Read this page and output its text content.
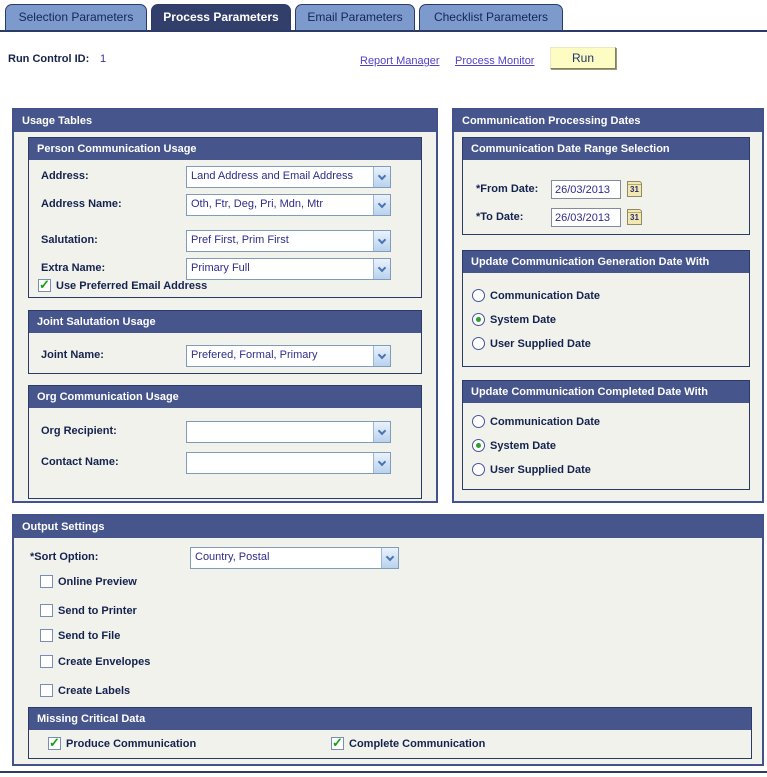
Selection Parameters	Process Parameters	Email Parameters	Checklist Parameters
Run Control ID: 1	Report Manager Process Monitor	Run
Usage Tables
Person Communication Usage
Address:	Land Address and Email Address
Address Name:	Oth, Ftr, Deg, Pri, Mdn, Mtr
Salutation:	Pref First, Prim First
Extra Name:	Primary Full
✓
Use Preferred Email Address
Joint Salutation Usage
Joint Name:	Prefered, Formal, Primary
Org Communication Usage
Org Recipient:
Contact Name:
Communication Processing Dates
Communication Date Range Selection
*From Date:
26/03/2013	31
*To Date:
26/03/2013	31
Update Communication Generation Date With
Communication Date
System Date
User Supplied Date
Update Communication Completed Date With
Communication Date
System Date
User Supplied Date
Output Settings
*Sort Option:	Country, Postal
Online Preview
Send to Printer
Send to File
Create Envelopes
Create Labels
Missing Critical Data
✓
Produce Communication ✓	Complete Communication
